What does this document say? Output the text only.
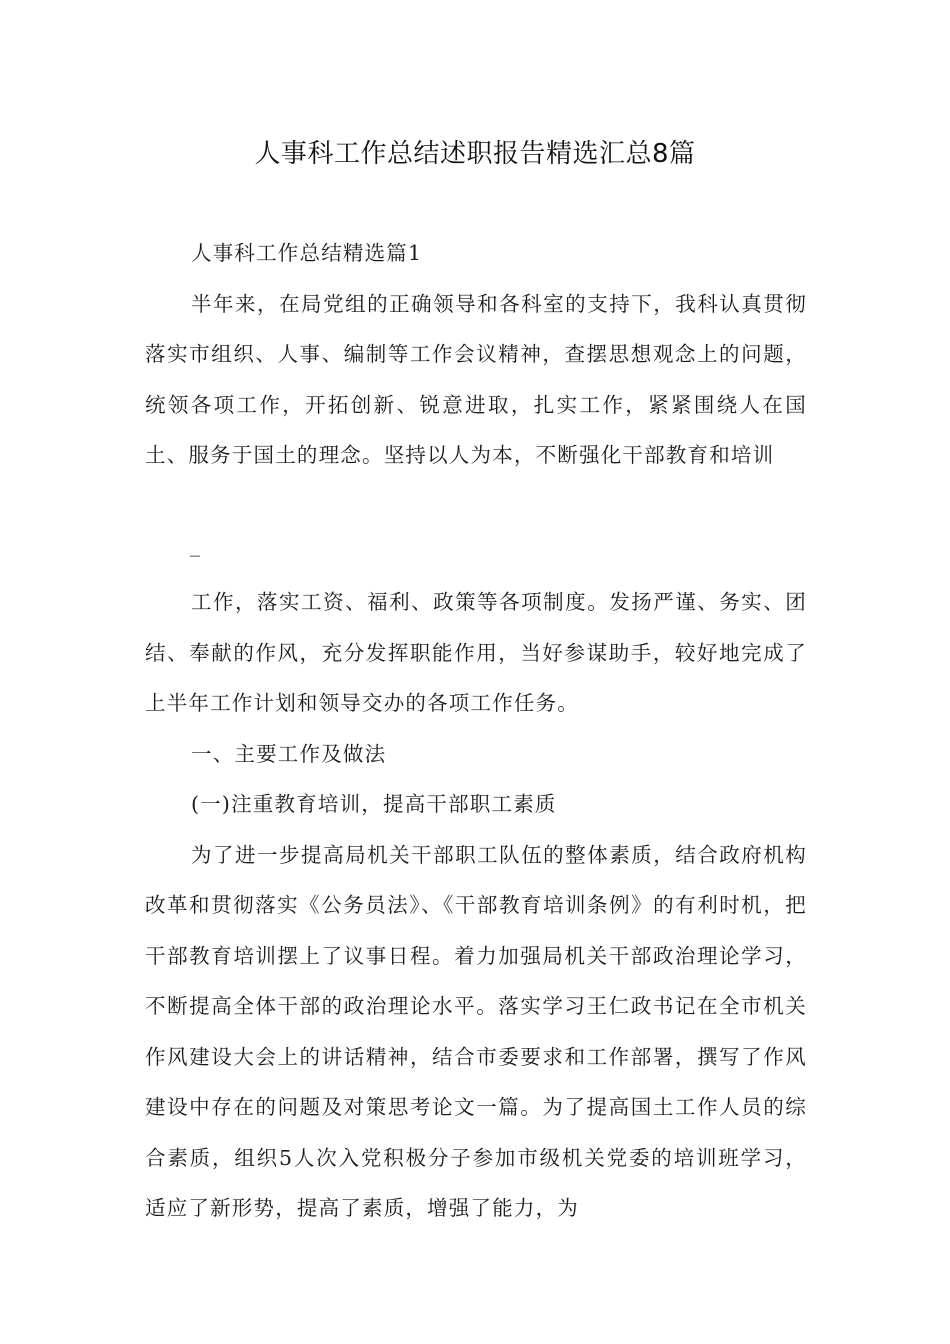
人事科工作总结述职报告精选汇总8篇

人事科工作总结精选篇1

半年来，在局党组的正确领导和各科室的支持下，我科认真贯彻落实市组织、人事、编制等工作会议精神，查摆思想观念上的问题，统领各项工作，开拓创新、锐意进取，扎实工作，紧紧围绕人在国土、服务于国土的理念。坚持以人为本，不断强化干部教育和培训

_

工作，落实工资、福利、政策等各项制度。发扬严谨、务实、团结、奉献的作风，充分发挥职能作用，当好参谋助手，较好地完成了上半年工作计划和领导交办的各项工作任务。

一、主要工作及做法

(一)注重教育培训，提高干部职工素质

为了进一步提高局机关干部职工队伍的整体素质，结合政府机构改革和贯彻落实《公务员法》、《干部教育培训条例》的有利时机，把干部教育培训摆上了议事日程。着力加强局机关干部政治理论学习，不断提高全体干部的政治理论水平。落实学习王仁政书记在全市机关作风建设大会上的讲话精神，结合市委要求和工作部署，撰写了作风建设中存在的问题及对策思考论文一篇。为了提高国土工作人员的综合素质，组织5人次入党积极分子参加市级机关党委的培训班学习，适应了新形势，提高了素质，增强了能力，为
